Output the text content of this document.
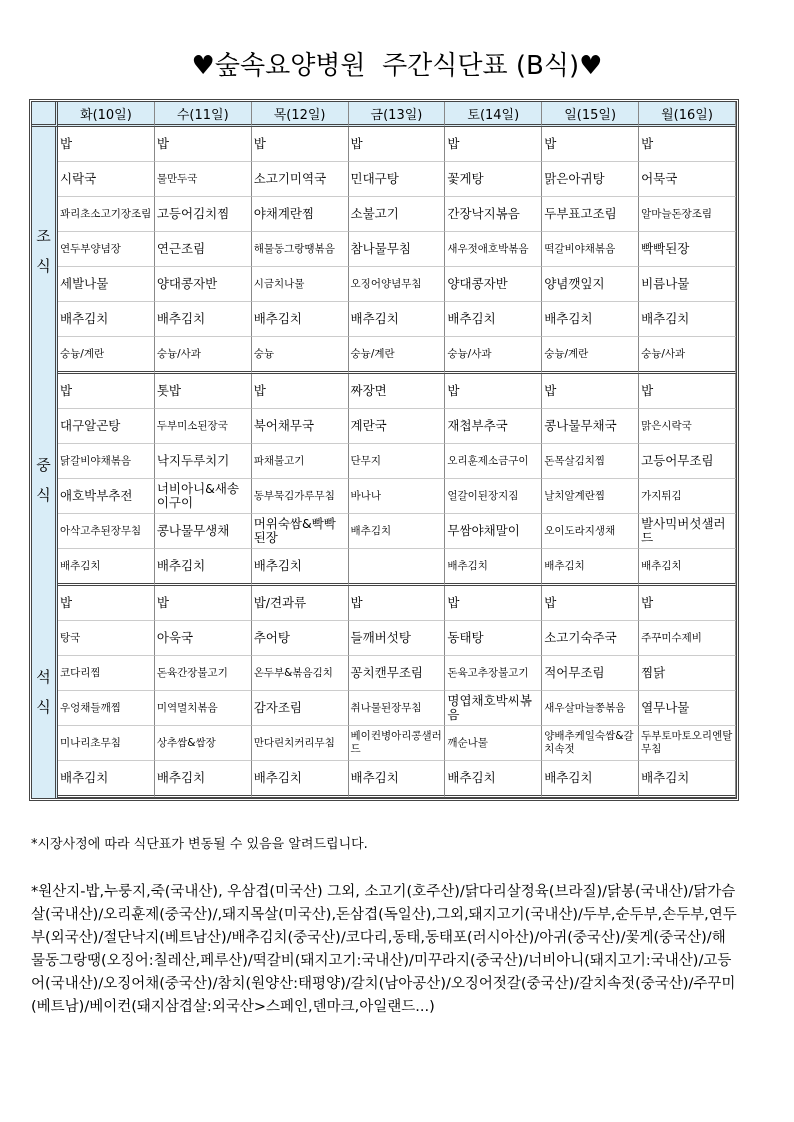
♥숲속요양병원  주간식단표 (B식)♥
	화(10일)	수(11일)	목(12일)	금(13일)	토(14일)	일(15일)	월(16일)
조
식	밥	밥	밥	밥	밥	밥	밥
	시락국	물만두국	소고기미역국	민대구탕	꽃게탕	맑은아귀탕	어묵국
	꽈리초소고기장조림	고등어김치찜	야채계란찜	소불고기	간장낙지볶음	두부표고조림	알마늘돈장조림
	연두부양념장	연근조림	해물동그랑땡볶음	참나물무침	새우젓애호박볶음	떡갈비야채볶음	빡빡된장
	세발나물	양대콩자반	시금치나물	오징어양념무침	양대콩자반	양념깻잎지	비름나물
	배추김치	배추김치	배추김치	배추김치	배추김치	배추김치	배추김치
	숭늉/계란	숭늉/사과	숭늉	숭늉/계란	숭늉/사과	숭늉/계란	숭늉/사과
중
식	밥	톳밥	밥	짜장면	밥	밥	밥
	대구알곤탕	두부미소된장국	북어채무국	계란국	재첩부추국	콩나물무채국	맑은시락국
	닭갈비야채볶음	낙지두루치기	파채불고기	단무지	오리훈제소금구이	돈목살김치찜	고등어무조림
	애호박부추전	너비아니&새송이구이	동부묵김가루무침	바나나	얼갈이된장지짐	날치알계란찜	가지튀김
	아삭고추된장무침	콩나물무생채	머위숙쌈&빡빡된장	배추김치	무쌈야채말이	오이도라지생채	발사믹버섯샐러드
	배추김치	배추김치	배추김치		배추김치	배추김치	배추김치
석
식	밥	밥	밥/견과류	밥	밥	밥	밥
	탕국	아욱국	추어탕	들깨버섯탕	동태탕	소고기숙주국	주꾸미수제비
	코다리찜	돈육간장불고기	온두부&볶음김치	꽁치캔무조림	돈육고추장불고기	적어무조림	찜닭
	우엉채들깨찜	미역멸치볶음	감자조림	취나물된장무침	명엽채호박씨볶음	새우살마늘쫑볶음	열무나물
	미나리초무침	상추쌈&쌈장	만다린치커리무침	베이컨병아리콩샐러드	깨순나물	양배추케일숙쌈&갈치속젓	두부토마토오리엔탈무침
	배추김치	배추김치	배추김치	배추김치	배추김치	배추김치	배추김치
*시장사정에 따라 식단표가 변동될 수 있음을 알려드립니다.
*원산지-밥,누룽지,죽(국내산), 우삼겹(미국산) 그외, 소고기(호주산)/닭다리살정육(브라질)/닭봉(국내산)/닭가슴살(국내산)/오리훈제(중국산)/,돼지목살(미국산),돈삼겹(독일산),그외,돼지고기(국내산)/두부,순두부,손두부,연두부(외국산)/절단낙지(베트남산)/배추김치(중국산)/코다리,동태,동태포(러시아산)/아귀(중국산)/꽃게(중국산)/해물동그랑땡(오징어:칠레산,페루산)/떡갈비(돼지고기:국내산)/미꾸라지(중국산)/너비아니(돼지고기:국내산)/고등어(국내산)/오징어채(중국산)/참치(원양산:태평양)/갈치(남아공산)/오징어젓갈(중국산)/갈치속젓(중국산)/주꾸미(베트남)/베이컨(돼지삼겹살:외국산>스페인,덴마크,아일랜드...)
